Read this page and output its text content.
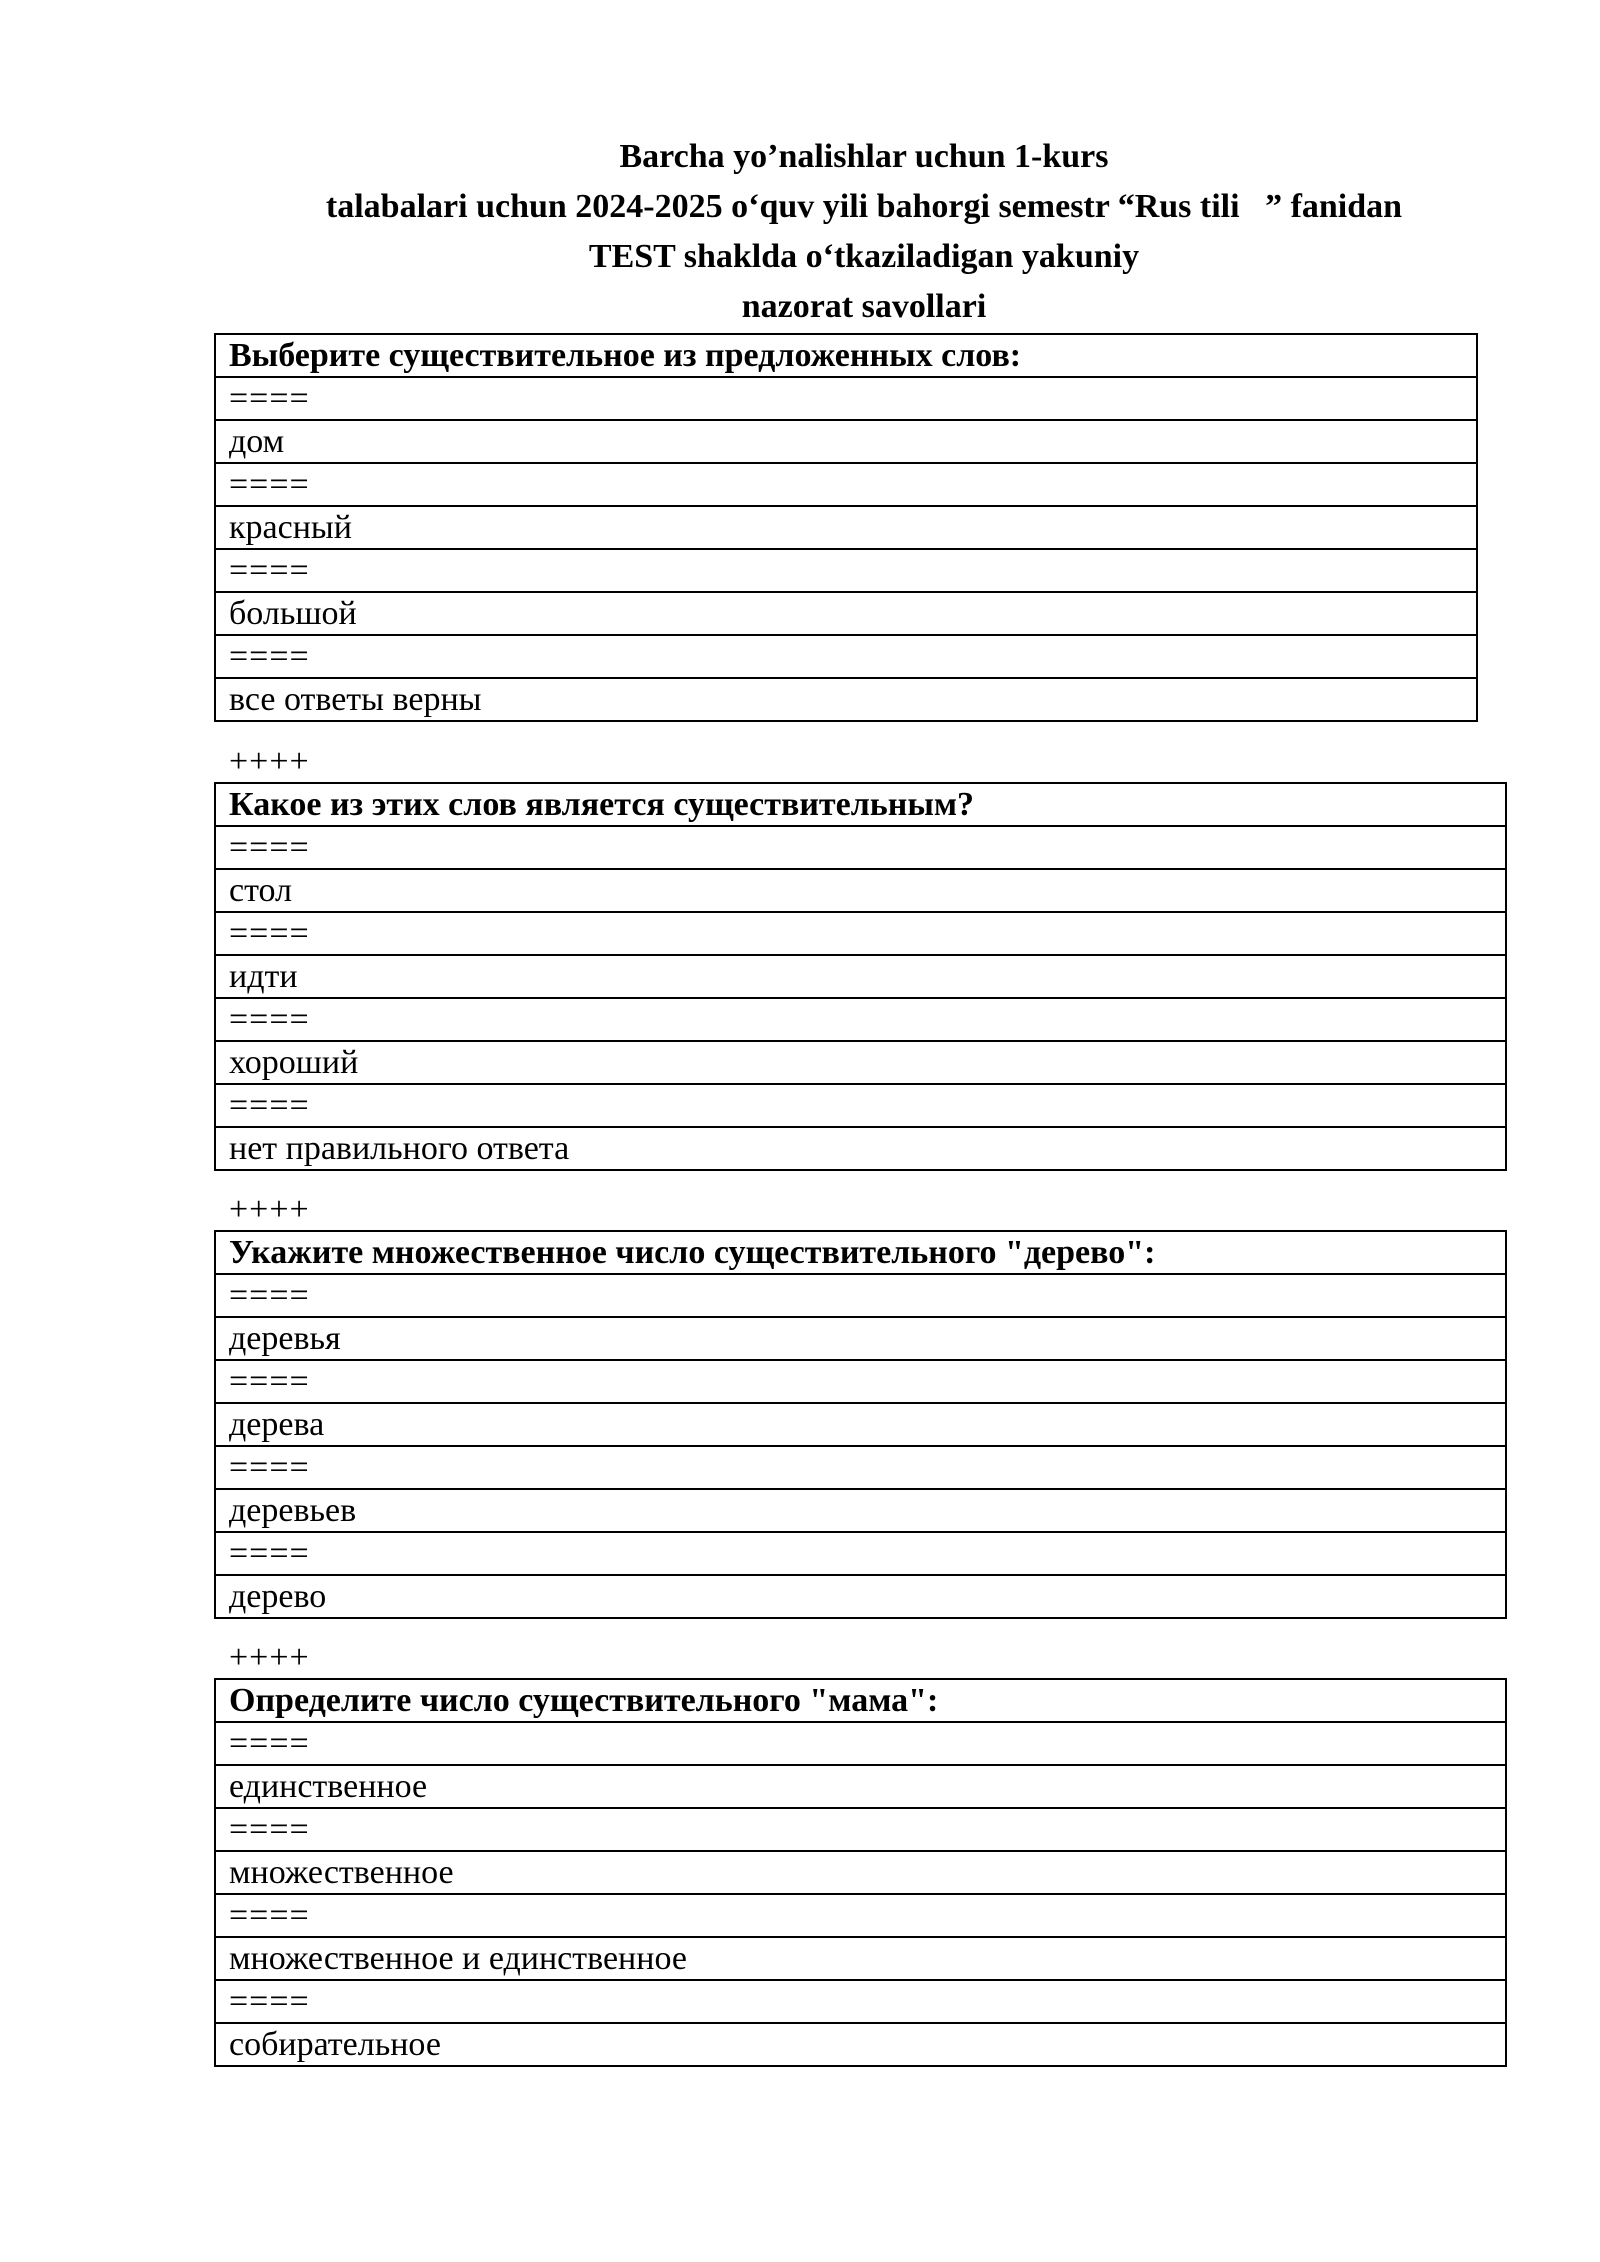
Barcha yo’nalishlar uchun 1-kurs
talabalari uchun 2024-2025 o‘quv yili bahorgi semestr “Rus tili   ” fanidan
TEST shaklda o‘tkaziladigan yakuniy
nazorat savollari
Выберите существительное из предложенных слов:
====
дом
====
красный
====
большой
====
все ответы верны
++++
Какое из этих слов является существительным?
====
стол
====
идти
====
хороший
====
нет правильного ответа
++++
Укажите множественное число существительного "дерево":
====
деревья
====
дерева
====
деревьев
====
дерево
++++
Определите число существительного "мама":
====
единственное
====
множественное
====
множественное и единственное
====
собирательное
